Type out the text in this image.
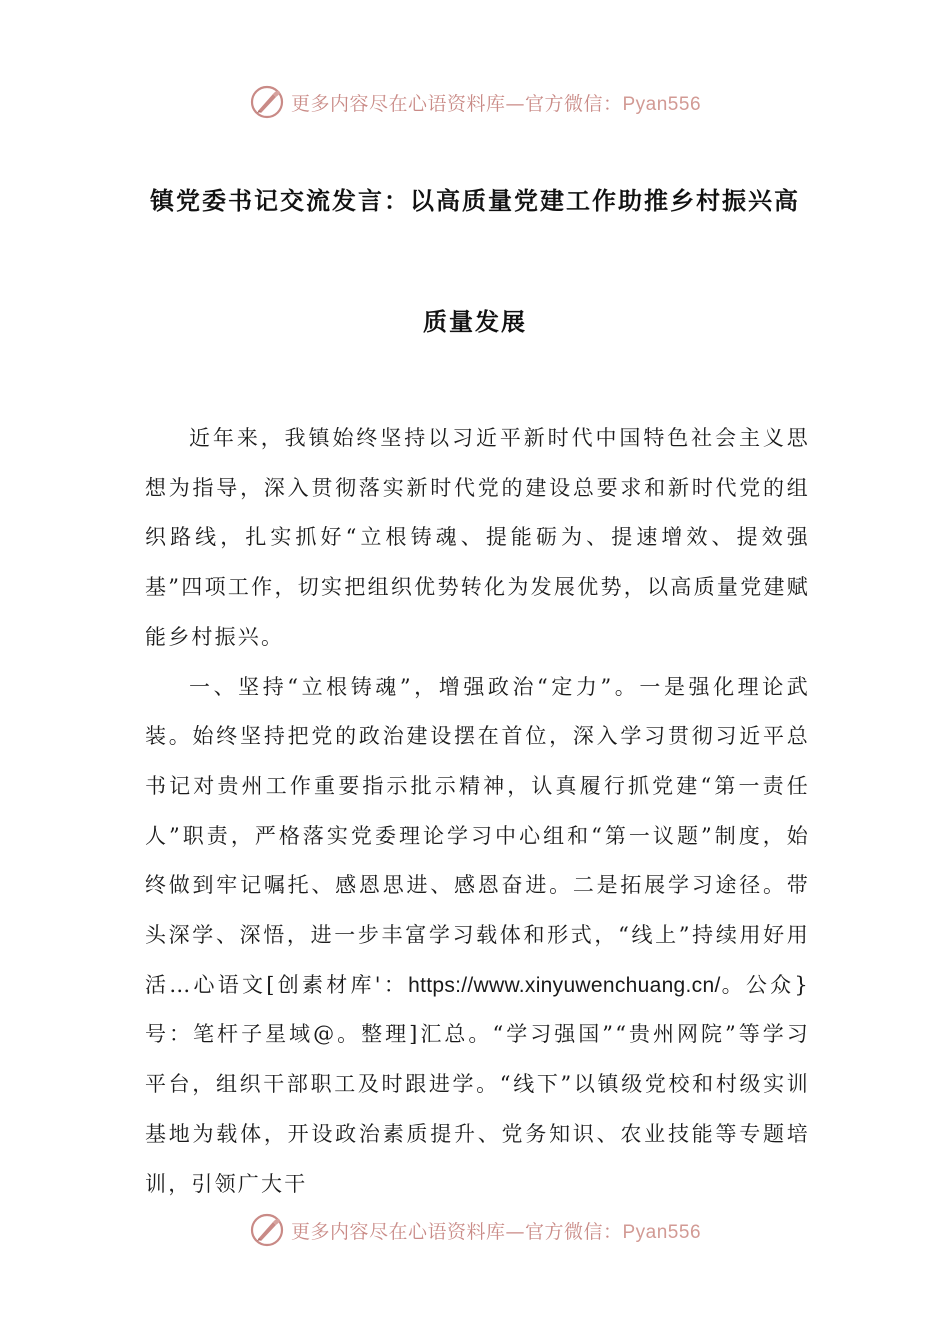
更多内容尽在心语资料库—官方微信：Pyan556
镇党委书记交流发言：以高质量党建工作助推乡村振兴高
质量发展

近年来，我镇始终坚持以习近平新时代中国特色社会主义思想为指导，深入贯彻落实新时代党的建设总要求和新时代党的组织路线，扎实抓好“立根铸魂、提能砺为、提速增效、提效强基”四项工作，切实把组织优势转化为发展优势，以高质量党建赋能乡村振兴。

一、坚持“立根铸魂”，增强政治“定力”。一是强化理论武装。始终坚持把党的政治建设摆在首位，深入学习贯彻习近平总书记对贵州工作重要指示批示精神，认真履行抓党建“第一责任人”职责，严格落实党委理论学习中心组和“第一议题”制度，始终做到牢记嘱托、感恩思进、感恩奋进。二是拓展学习途径。带头深学、深悟，进一步丰富学习载体和形式，“线上”持续用好用活…心语文[创素材库'：https://www.xinyuwenchuang.cn/。公众}号：笔杆子星域@。整理]汇总。“学习强国”“贵州网院”等学习平台，组织干部职工及时跟进学。“线下”以镇级党校和村级实训基地为载体，开设政治素质提升、党务知识、农业技能等专题培训，引领广大干

更多内容尽在心语资料库—官方微信：Pyan556
